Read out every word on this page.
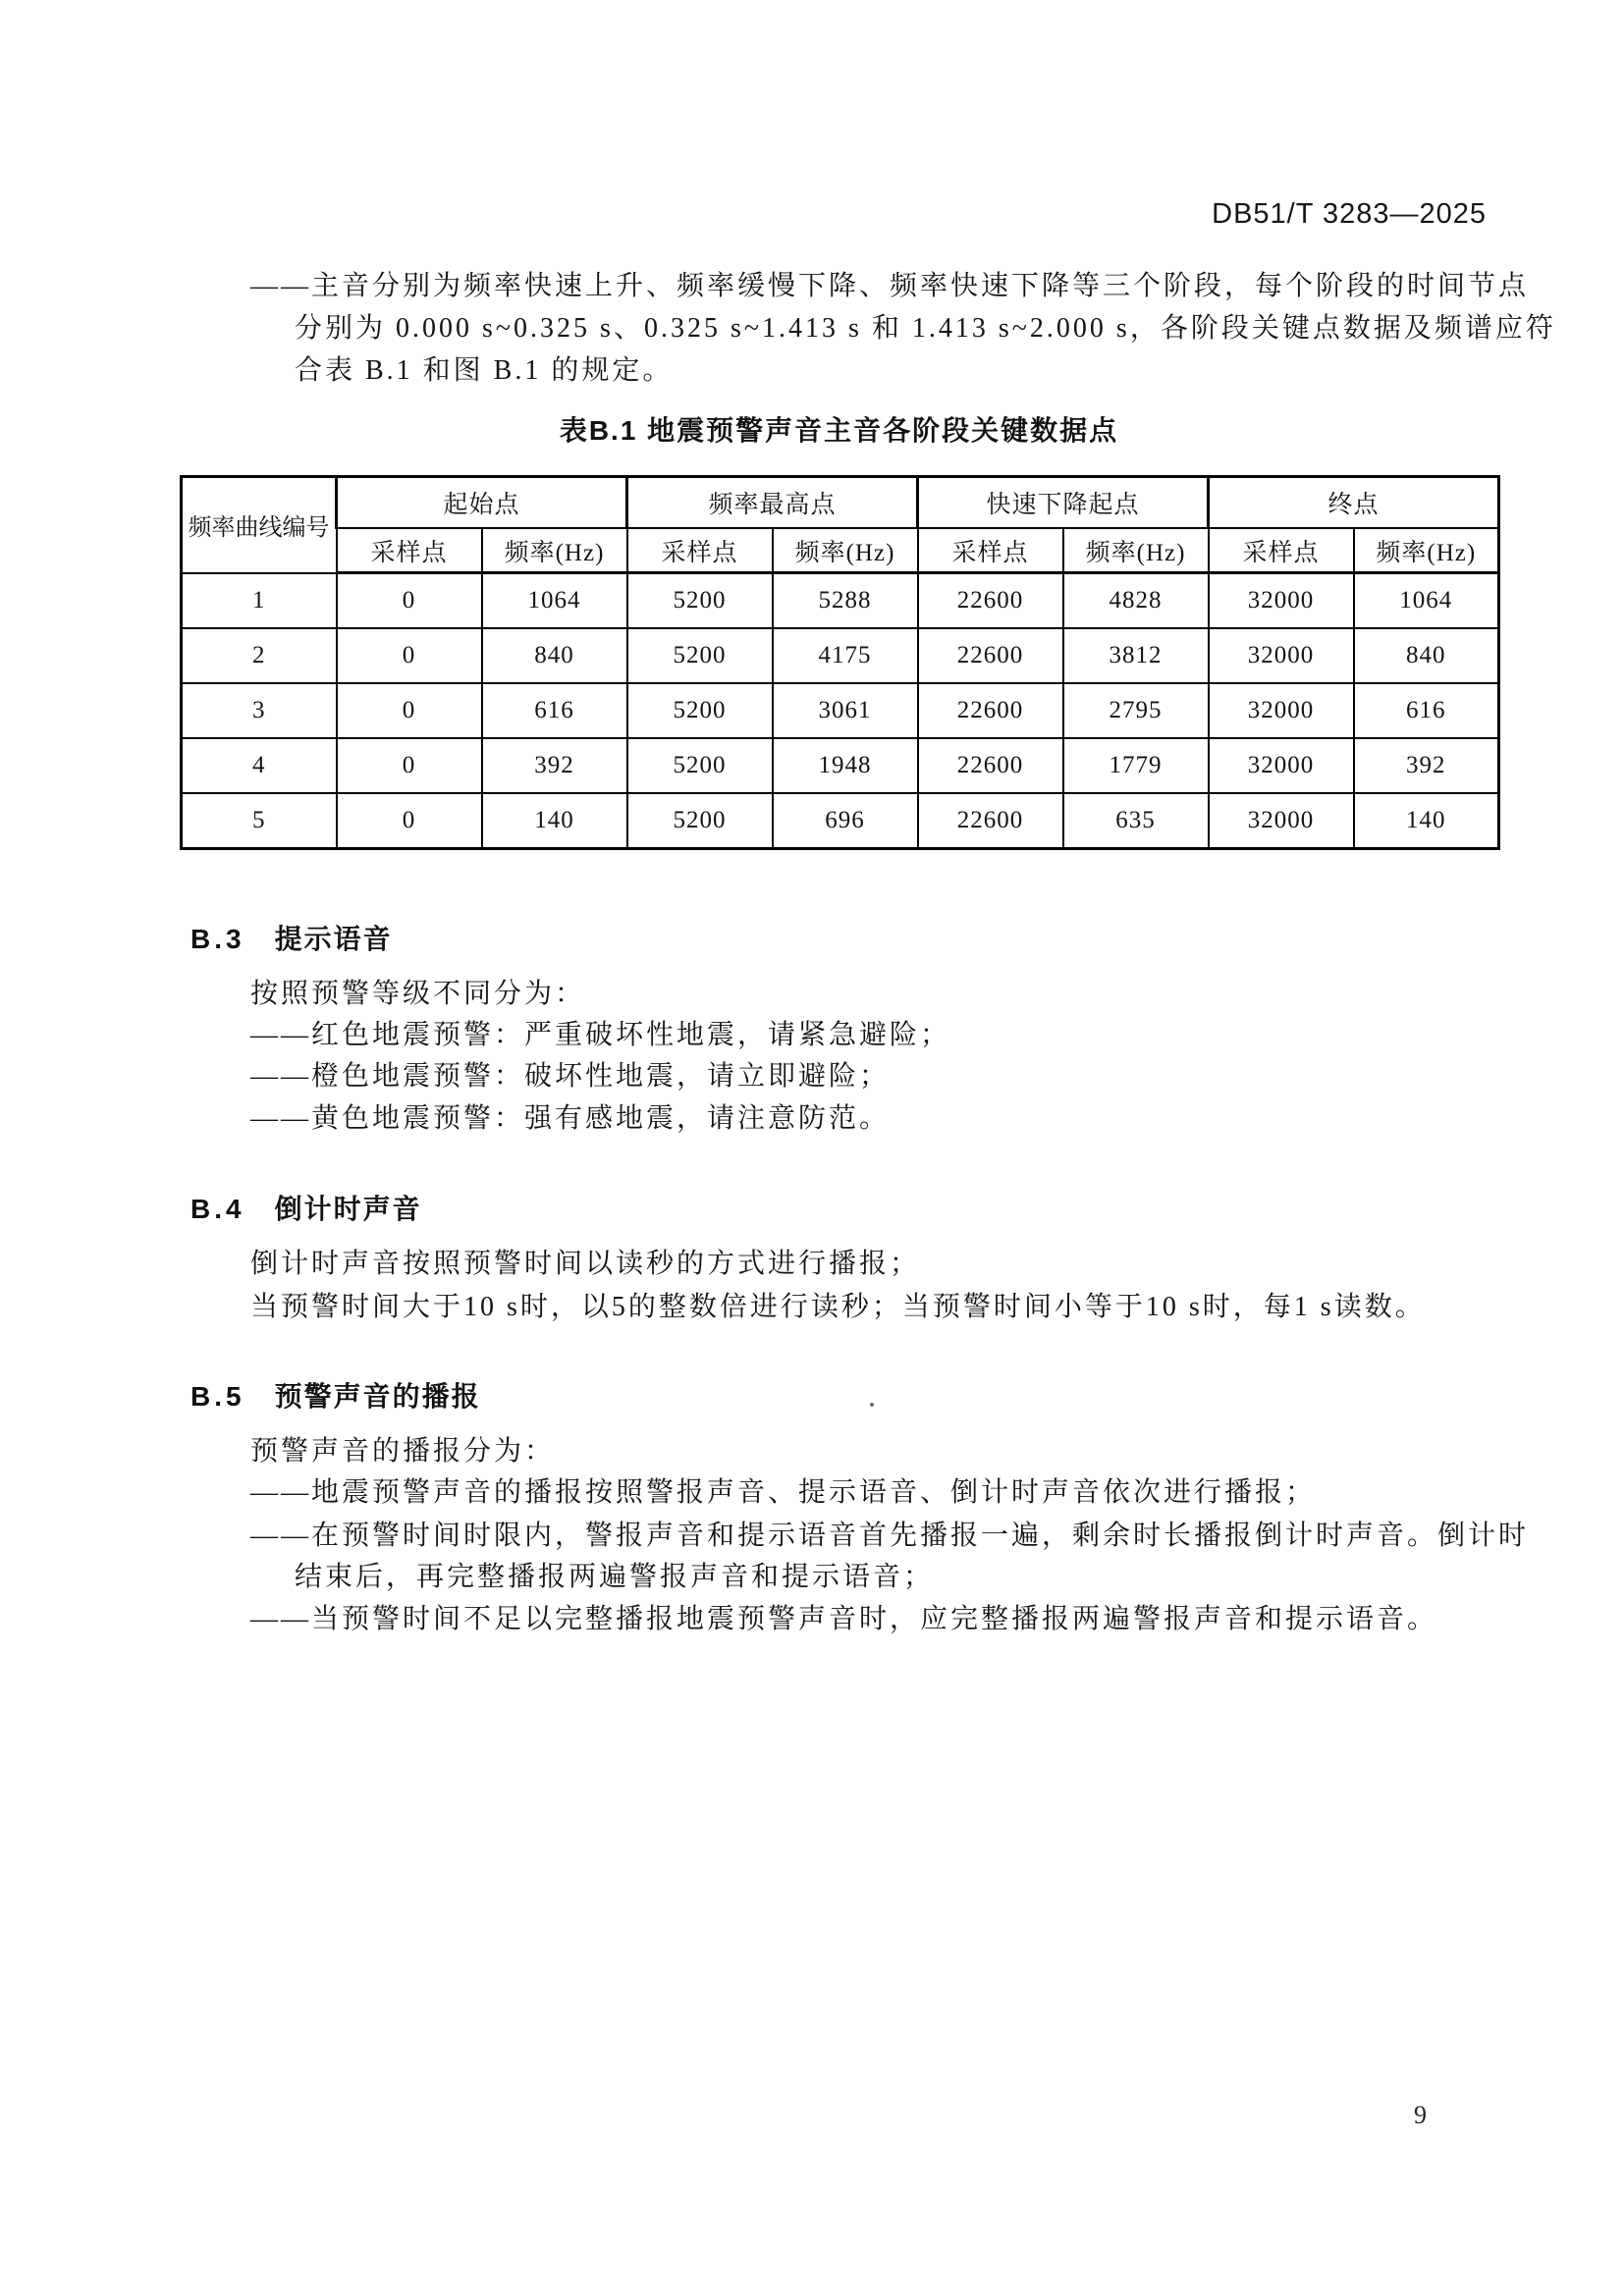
DB51/T 3283—2025
——主音分别为频率快速上升、频率缓慢下降、频率快速下降等三个阶段，每个阶段的时间节点
分别为 0.000 s~0.325 s、0.325 s~1.413 s 和 1.413 s~2.000 s，各阶段关键点数据及频谱应符
合表 B.1 和图 B.1 的规定。
表B.1 地震预警声音主音各阶段关键数据点
频率曲线编号	起始点		频率最高点		快速下降起点		终点	
	采样点	频率(Hz)	采样点	频率(Hz)	采样点	频率(Hz)	采样点	频率(Hz)
1	0	1064	5200	5288	22600	4828	32000	1064
2	0	840	5200	4175	22600	3812	32000	840
3	0	616	5200	3061	22600	2795	32000	616
4	0	392	5200	1948	22600	1779	32000	392
5	0	140	5200	696	22600	635	32000	140
B.3 提示语音
按照预警等级不同分为：
——红色地震预警：严重破坏性地震，请紧急避险；
——橙色地震预警：破坏性地震，请立即避险；
——黄色地震预警：强有感地震，请注意防范。
B.4 倒计时声音
倒计时声音按照预警时间以读秒的方式进行播报；
当预警时间大于10 s时，以5的整数倍进行读秒；当预警时间小等于10 s时，每1 s读数。
B.5 预警声音的播报
预警声音的播报分为：
——地震预警声音的播报按照警报声音、提示语音、倒计时声音依次进行播报；
——在预警时间时限内，警报声音和提示语音首先播报一遍，剩余时长播报倒计时声音。倒计时
结束后，再完整播报两遍警报声音和提示语音；
——当预警时间不足以完整播报地震预警声音时，应完整播报两遍警报声音和提示语音。
9
